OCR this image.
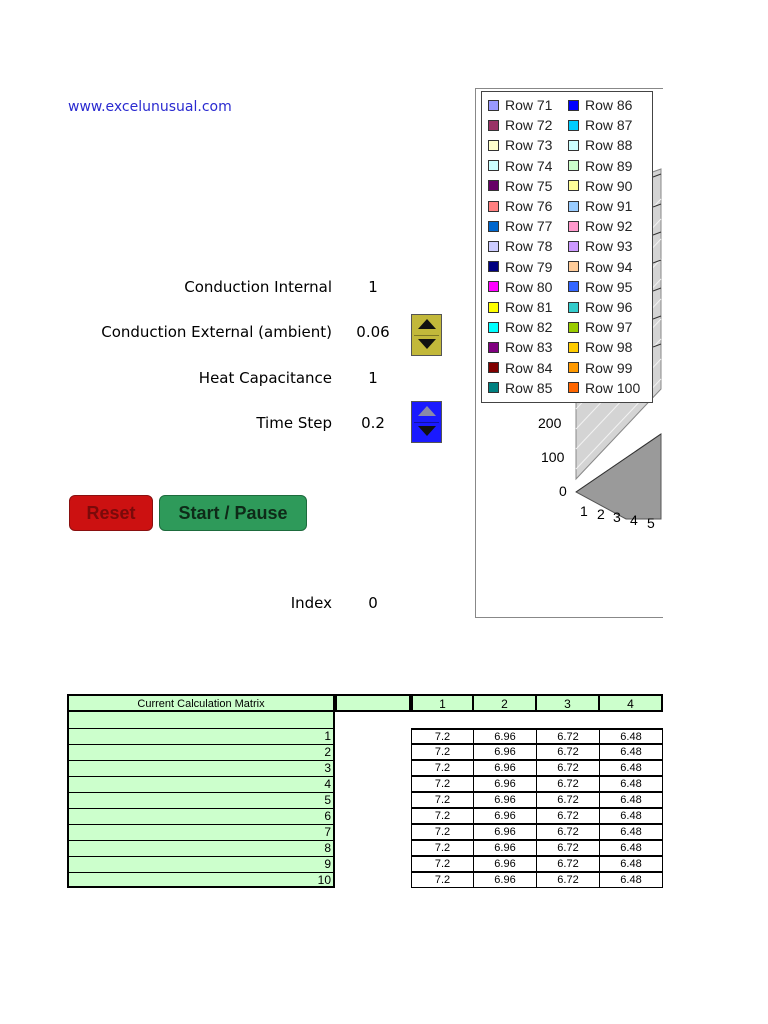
www.excelunusual.com
Conduction Internal	1
Conduction External (ambient) 0.06
Heat Capacitance	1
Time Step	0.2
Reset	Start / Pause
Index	0
200
100
0
1 2 3 4 5
Row 71
Row 72
Row 73
Row 74
Row 75
Row 76
Row 77
Row 78
Row 79
Row 80
Row 81
Row 82
Row 83
Row 84
Row 85
Row 86
Row 87
Row 88
Row 89
Row 90
Row 91
Row 92
Row 93
Row 94
Row 95
Row 96
Row 97
Row 98
Row 99
Row 100
Current Calculation Matrix	1	2	3	4
1	7.2	6.96	6.72	6.48
2	7.2	6.96	6.72	6.48
3	7.2	6.96	6.72	6.48
4	7.2	6.96	6.72	6.48
5	7.2	6.96	6.72	6.48
6	7.2	6.96	6.72	6.48
7	7.2	6.96	6.72	6.48
8	7.2	6.96	6.72	6.48
9	7.2	6.96	6.72	6.48
10	7.2	6.96	6.72	6.48
